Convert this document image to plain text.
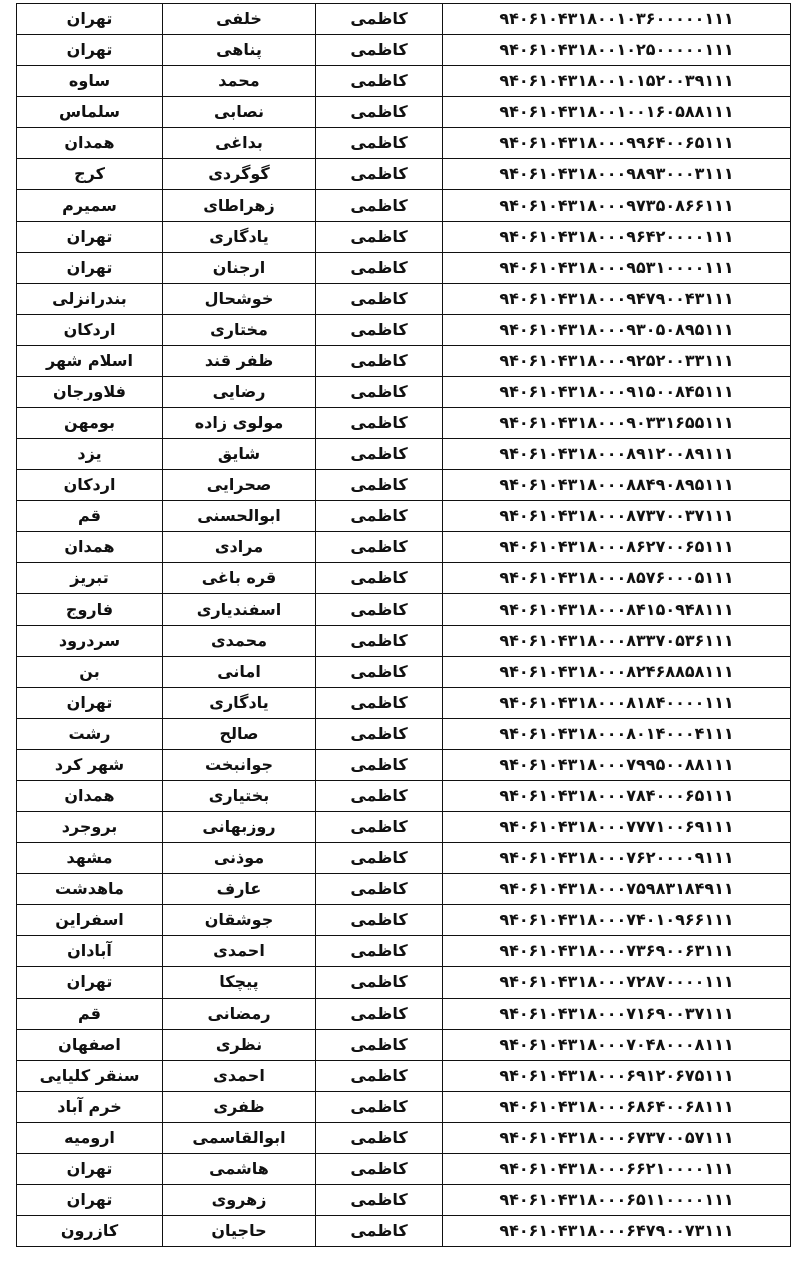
تهران	خلفی	کاظمی	۹۴۰۶۱۰۴۳۱۸۰۰۱۰۳۶۰۰۰۰۰۱۱۱
تهران	پناهی	کاظمی	۹۴۰۶۱۰۴۳۱۸۰۰۱۰۲۵۰۰۰۰۰۱۱۱
ساوه	محمد	کاظمی	۹۴۰۶۱۰۴۳۱۸۰۰۱۰۱۵۲۰۰۳۹۱۱۱
سلماس	نصابی	کاظمی	۹۴۰۶۱۰۴۳۱۸۰۰۱۰۰۱۶۰۵۸۸۱۱۱
همدان	بداغی	کاظمی	۹۴۰۶۱۰۴۳۱۸۰۰۰۹۹۶۴۰۰۶۵۱۱۱
کرج	گوگردی	کاظمی	۹۴۰۶۱۰۴۳۱۸۰۰۰۹۸۹۳۰۰۰۳۱۱۱
سمیرم	زهراطای	کاظمی	۹۴۰۶۱۰۴۳۱۸۰۰۰۹۷۳۵۰۸۶۶۱۱۱
تهران	یادگاری	کاظمی	۹۴۰۶۱۰۴۳۱۸۰۰۰۹۶۴۲۰۰۰۰۱۱۱
تهران	ارجنان	کاظمی	۹۴۰۶۱۰۴۳۱۸۰۰۰۹۵۳۱۰۰۰۰۱۱۱
بندرانزلی	خوشحال	کاظمی	۹۴۰۶۱۰۴۳۱۸۰۰۰۹۴۷۹۰۰۴۳۱۱۱
اردکان	مختاری	کاظمی	۹۴۰۶۱۰۴۳۱۸۰۰۰۹۳۰۵۰۸۹۵۱۱۱
اسلام شهر	ظفر قند	کاظمی	۹۴۰۶۱۰۴۳۱۸۰۰۰۹۲۵۲۰۰۳۳۱۱۱
فلاورجان	رضایی	کاظمی	۹۴۰۶۱۰۴۳۱۸۰۰۰۹۱۵۰۰۸۴۵۱۱۱
بومهن	مولوی زاده	کاظمی	۹۴۰۶۱۰۴۳۱۸۰۰۰۹۰۳۳۱۶۵۵۱۱۱
یزد	شایق	کاظمی	۹۴۰۶۱۰۴۳۱۸۰۰۰۸۹۱۲۰۰۸۹۱۱۱
اردکان	صحرایی	کاظمی	۹۴۰۶۱۰۴۳۱۸۰۰۰۸۸۴۹۰۸۹۵۱۱۱
قم	ابوالحسنی	کاظمی	۹۴۰۶۱۰۴۳۱۸۰۰۰۸۷۳۷۰۰۳۷۱۱۱
همدان	مرادی	کاظمی	۹۴۰۶۱۰۴۳۱۸۰۰۰۸۶۲۷۰۰۶۵۱۱۱
تبریز	قره باغی	کاظمی	۹۴۰۶۱۰۴۳۱۸۰۰۰۸۵۷۶۰۰۰۵۱۱۱
فاروج	اسفندیاری	کاظمی	۹۴۰۶۱۰۴۳۱۸۰۰۰۸۴۱۵۰۹۴۸۱۱۱
سردرود	محمدی	کاظمی	۹۴۰۶۱۰۴۳۱۸۰۰۰۸۳۳۷۰۵۳۶۱۱۱
بن	امانی	کاظمی	۹۴۰۶۱۰۴۳۱۸۰۰۰۸۲۴۶۸۸۵۸۱۱۱
تهران	یادگاری	کاظمی	۹۴۰۶۱۰۴۳۱۸۰۰۰۸۱۸۴۰۰۰۰۱۱۱
رشت	صالح	کاظمی	۹۴۰۶۱۰۴۳۱۸۰۰۰۸۰۱۴۰۰۰۴۱۱۱
شهر کرد	جوانبخت	کاظمی	۹۴۰۶۱۰۴۳۱۸۰۰۰۷۹۹۵۰۰۸۸۱۱۱
همدان	بختیاری	کاظمی	۹۴۰۶۱۰۴۳۱۸۰۰۰۷۸۴۰۰۰۶۵۱۱۱
بروجرد	روزبهانی	کاظمی	۹۴۰۶۱۰۴۳۱۸۰۰۰۷۷۷۱۰۰۶۹۱۱۱
مشهد	موذنی	کاظمی	۹۴۰۶۱۰۴۳۱۸۰۰۰۷۶۲۰۰۰۰۹۱۱۱
ماهدشت	عارف	کاظمی	۹۴۰۶۱۰۴۳۱۸۰۰۰۷۵۹۸۳۱۸۴۹۱۱
اسفراین	جوشقان	کاظمی	۹۴۰۶۱۰۴۳۱۸۰۰۰۷۴۰۱۰۹۶۶۱۱۱
آبادان	احمدی	کاظمی	۹۴۰۶۱۰۴۳۱۸۰۰۰۷۳۶۹۰۰۶۳۱۱۱
تهران	پیچکا	کاظمی	۹۴۰۶۱۰۴۳۱۸۰۰۰۷۲۸۷۰۰۰۰۱۱۱
قم	رمضانی	کاظمی	۹۴۰۶۱۰۴۳۱۸۰۰۰۷۱۶۹۰۰۳۷۱۱۱
اصفهان	نظری	کاظمی	۹۴۰۶۱۰۴۳۱۸۰۰۰۷۰۴۸۰۰۰۸۱۱۱
سنقر کلیایی	احمدی	کاظمی	۹۴۰۶۱۰۴۳۱۸۰۰۰۶۹۱۲۰۶۷۵۱۱۱
خرم آباد	ظفری	کاظمی	۹۴۰۶۱۰۴۳۱۸۰۰۰۶۸۶۴۰۰۶۸۱۱۱
ارومیه	ابوالقاسمی	کاظمی	۹۴۰۶۱۰۴۳۱۸۰۰۰۶۷۳۷۰۰۵۷۱۱۱
تهران	هاشمی	کاظمی	۹۴۰۶۱۰۴۳۱۸۰۰۰۶۶۲۱۰۰۰۰۱۱۱
تهران	زهروی	کاظمی	۹۴۰۶۱۰۴۳۱۸۰۰۰۶۵۱۱۰۰۰۰۱۱۱
کازرون	حاجیان	کاظمی	۹۴۰۶۱۰۴۳۱۸۰۰۰۶۴۷۹۰۰۷۳۱۱۱
